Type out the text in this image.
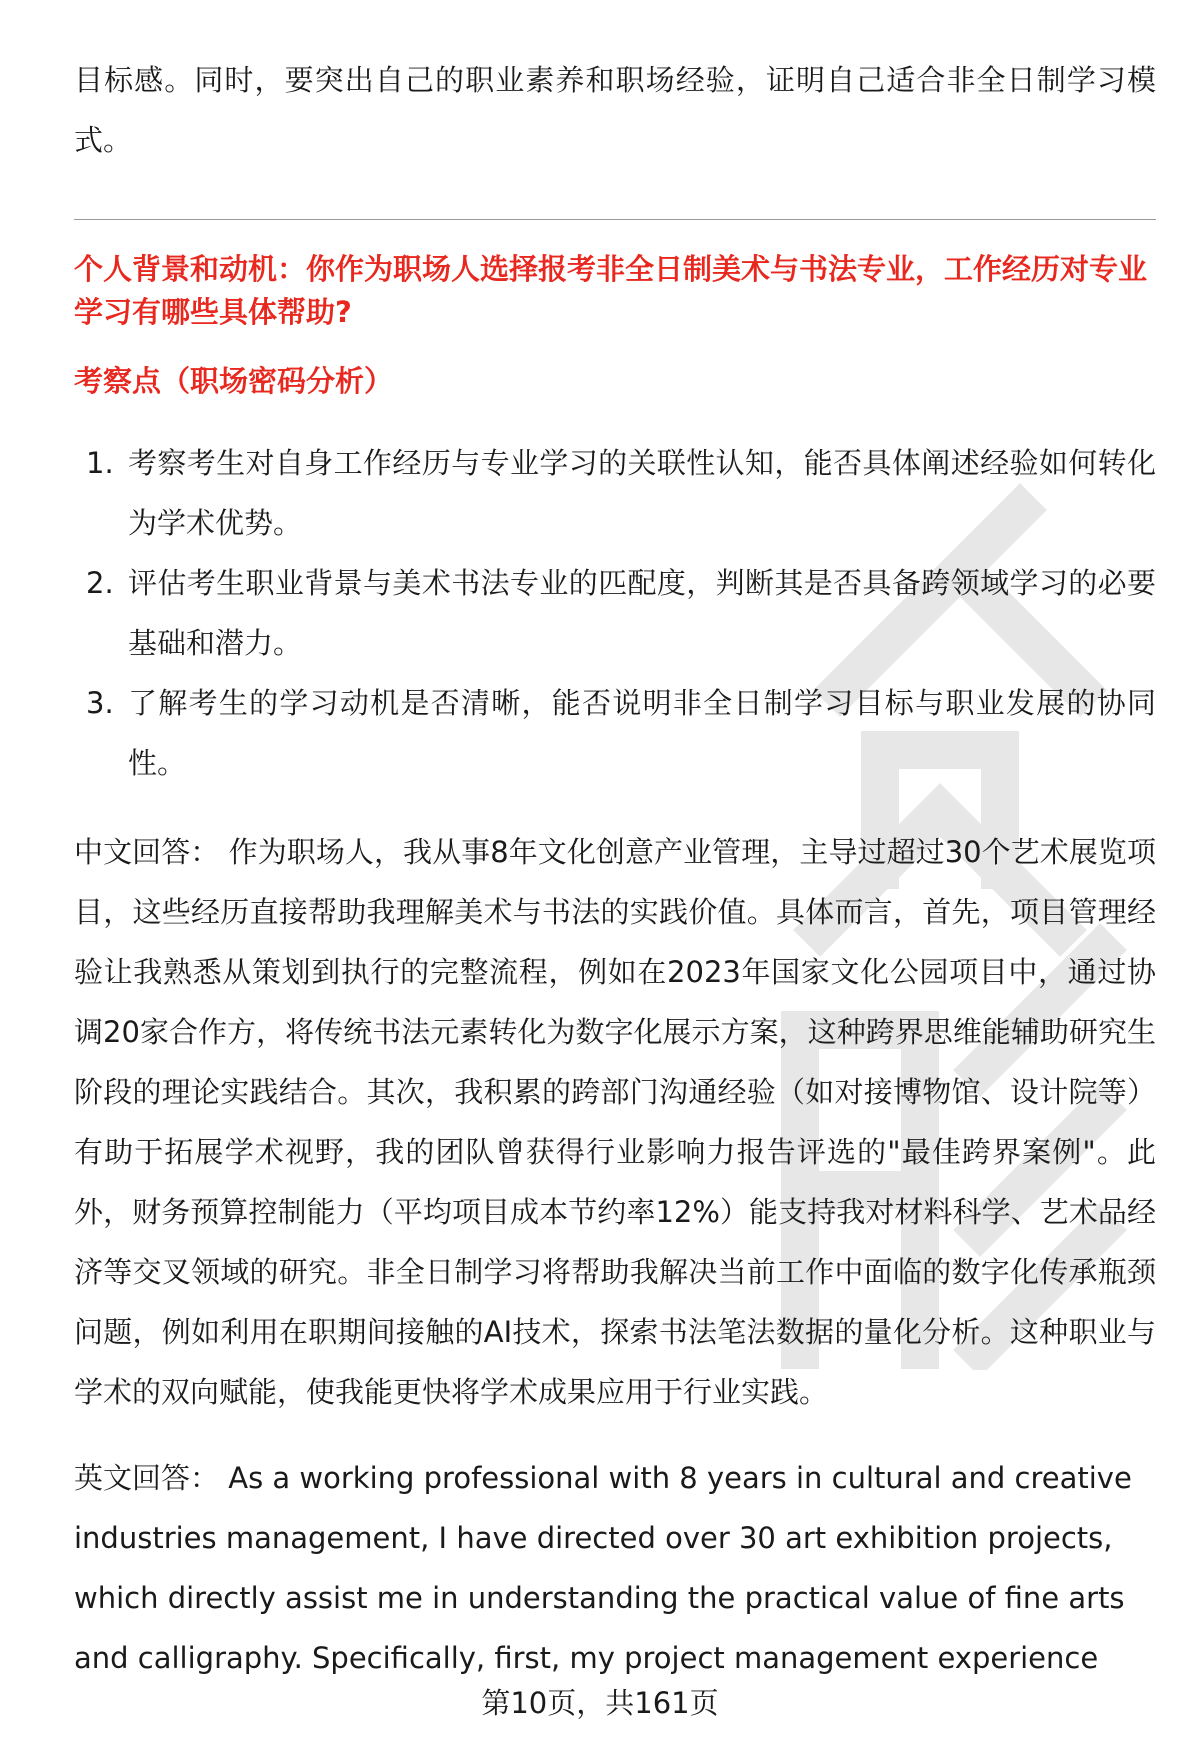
目标感。同时，要突出自己的职业素养和职场经验，证明自己适合非全日制学习模式。

个人背景和动机：你作为职场人选择报考非全日制美术与书法专业，工作经历对专业学习有哪些具体帮助?

考察点（职场密码分析）

1. 考察考生对自身工作经历与专业学习的关联性认知，能否具体阐述经验如何转化为学术优势。
2. 评估考生职业背景与美术书法专业的匹配度，判断其是否具备跨领域学习的必要基础和潜力。
3. 了解考生的学习动机是否清晰，能否说明非全日制学习目标与职业发展的协同性。

中文回答： 作为职场人，我从事8年文化创意产业管理，主导过超过30个艺术展览项目，这些经历直接帮助我理解美术与书法的实践价值。具体而言，首先，项目管理经验让我熟悉从策划到执行的完整流程，例如在2023年国家文化公园项目中，通过协调20家合作方，将传统书法元素转化为数字化展示方案，这种跨界思维能辅助研究生阶段的理论实践结合。其次，我积累的跨部门沟通经验（如对接博物馆、设计院等）有助于拓展学术视野，我的团队曾获得行业影响力报告评选的"最佳跨界案例"。此外，财务预算控制能力（平均项目成本节约率12%）能支持我对材料科学、艺术品经济等交叉领域的研究。非全日制学习将帮助我解决当前工作中面临的数字化传承瓶颈问题，例如利用在职期间接触的AI技术，探索书法笔法数据的量化分析。这种职业与学术的双向赋能，使我能更快将学术成果应用于行业实践。

英文回答： As a working professional with 8 years in cultural and creative industries management, I have directed over 30 art exhibition projects, which directly assist me in understanding the practical value of fine arts and calligraphy. Specifically, first, my project management experience

第10页，共161页
